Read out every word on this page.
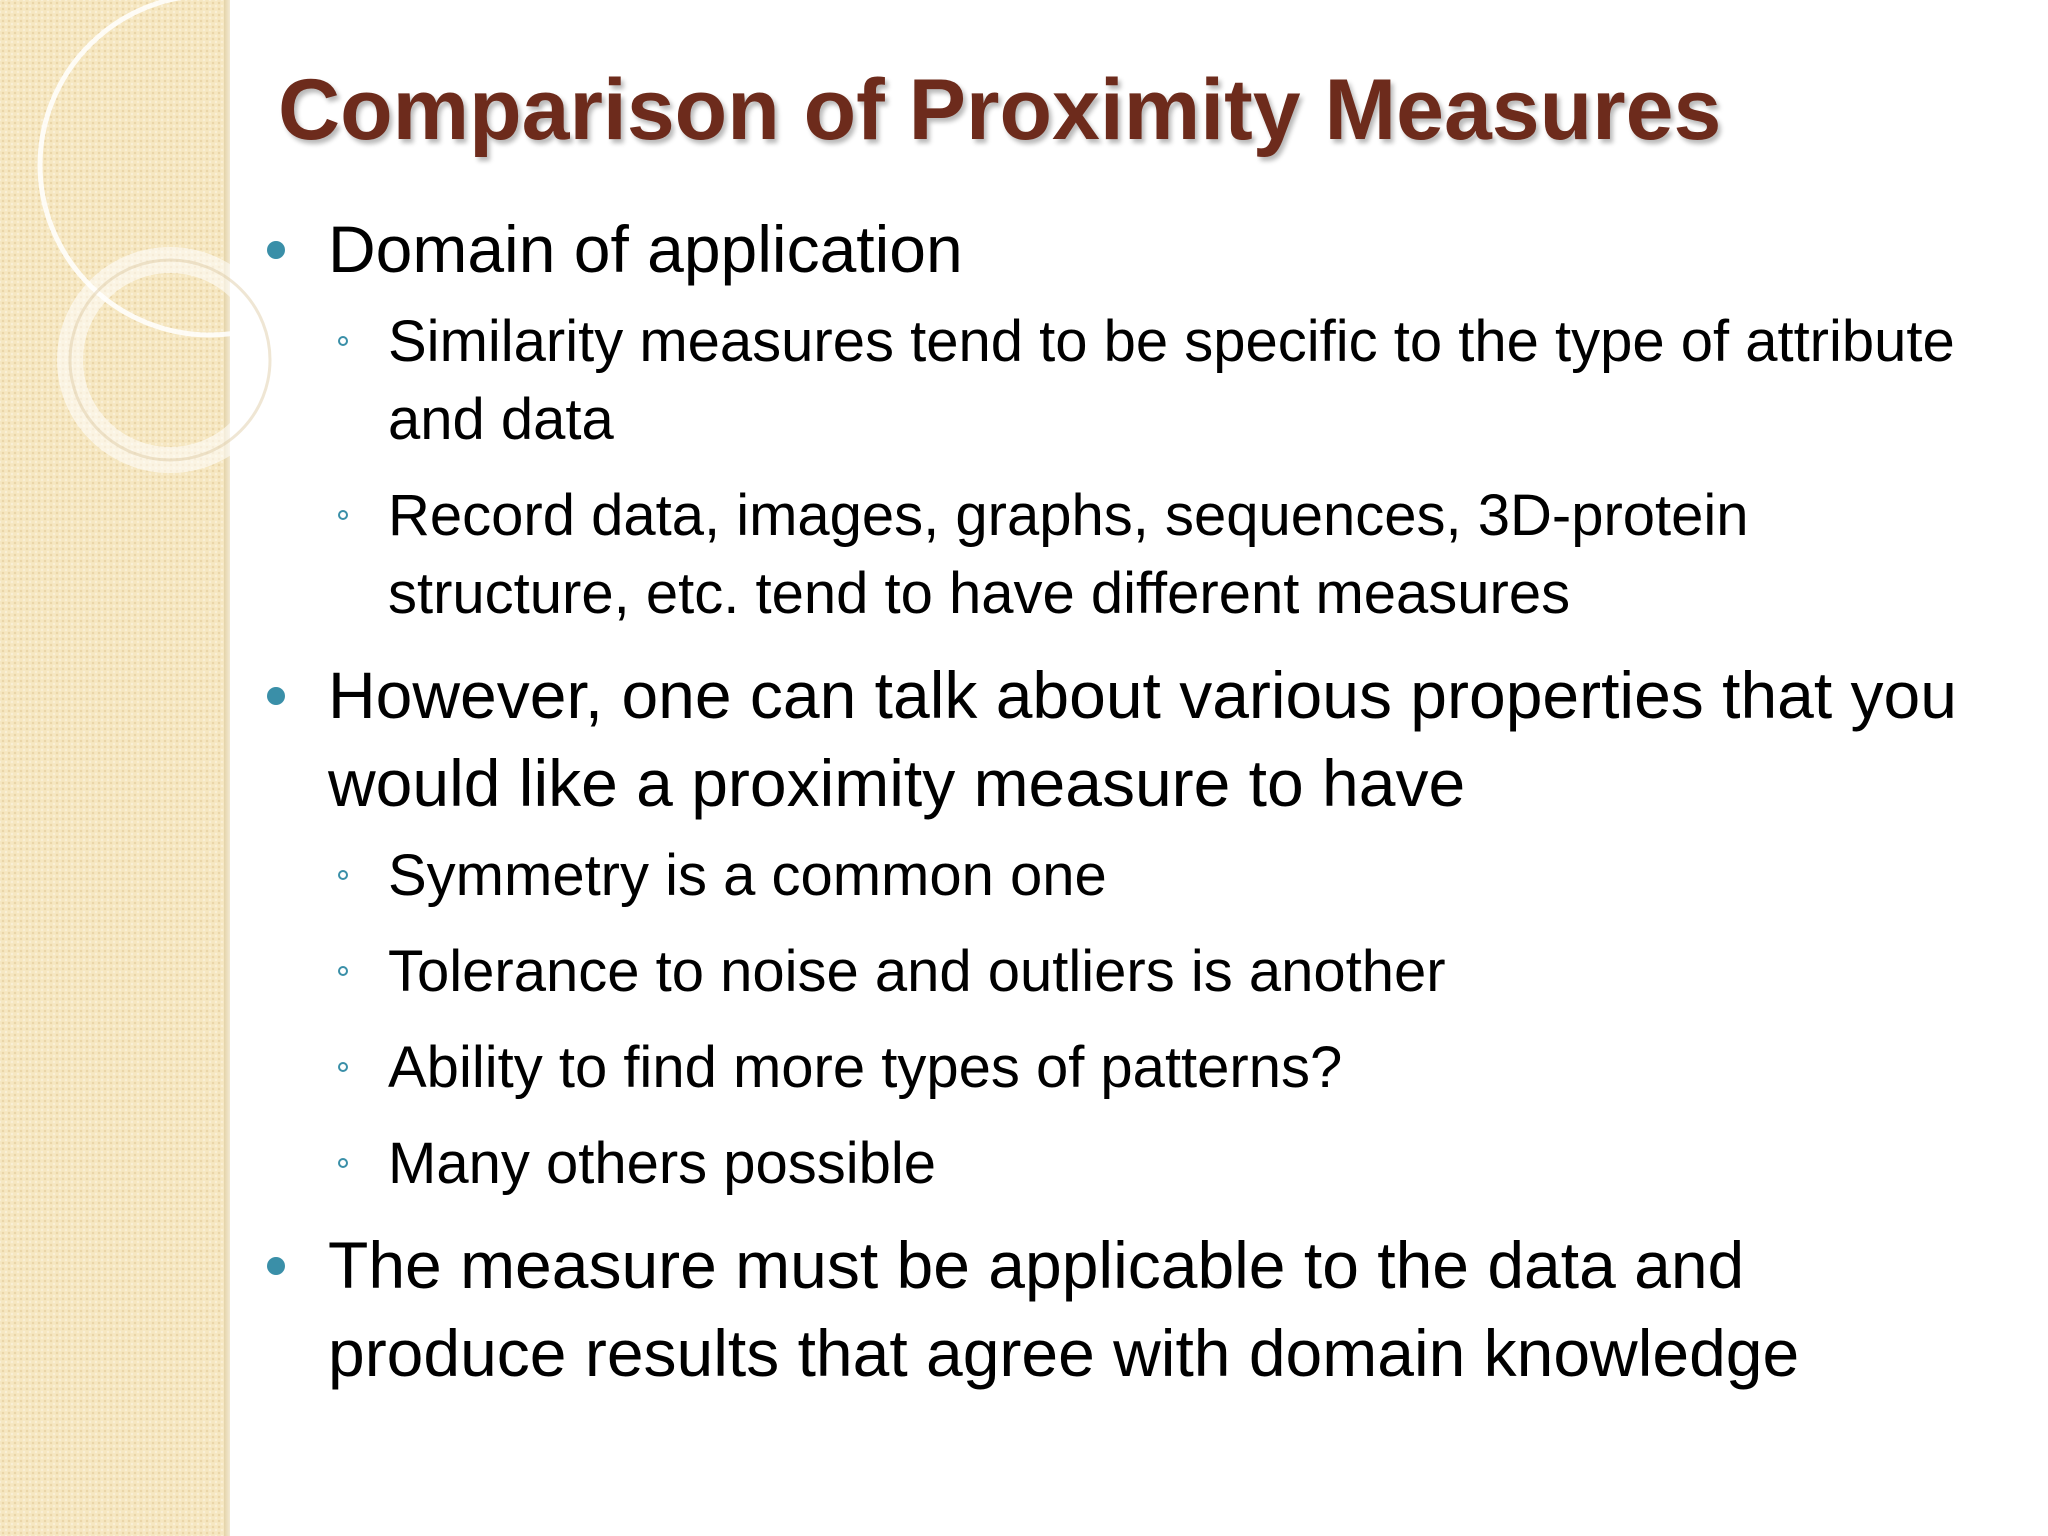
Comparison of Proximity Measures
Domain of application
Similarity measures tend to be specific to the type of attribute and data
Record data, images, graphs, sequences, 3D-protein structure, etc. tend to have different measures
However, one can talk about various properties that you would like a proximity measure to have
Symmetry is a common one
Tolerance to noise and outliers is another
Ability to find more types of patterns?
Many others possible
The measure must be applicable to the data and produce results that agree with domain knowledge
